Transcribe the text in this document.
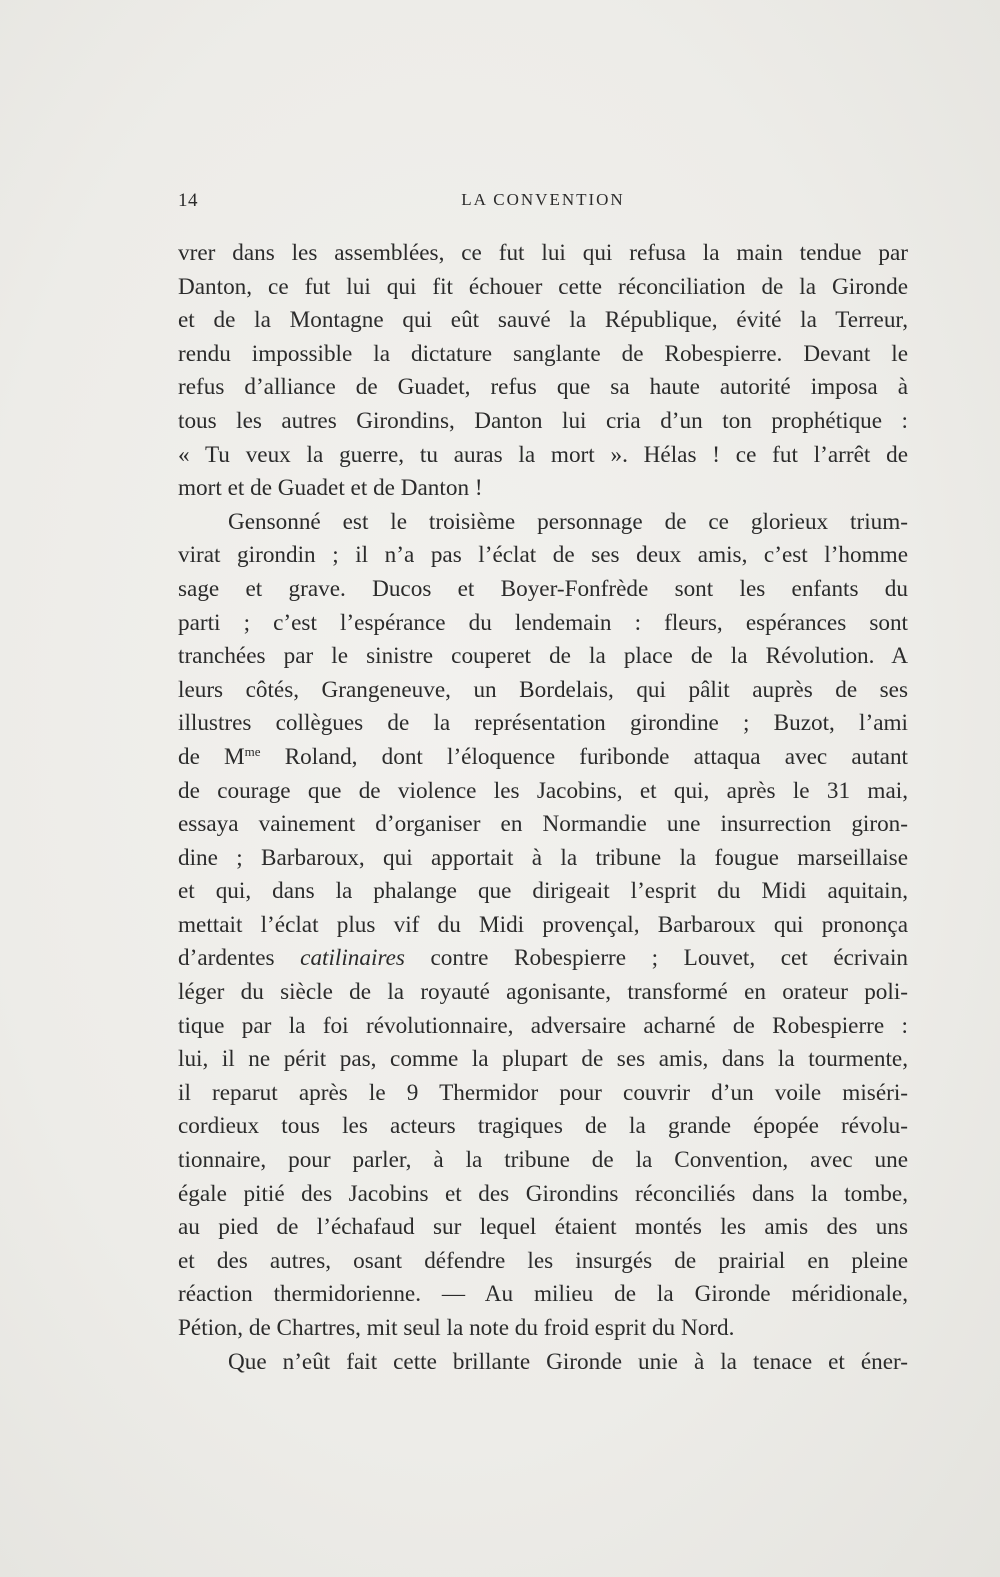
14	LA CONVENTION
vrer dans les assemblées, ce fut lui qui refusa la main tendue par
Danton, ce fut lui qui fit échouer cette réconciliation de la Gironde
et de la Montagne qui eût sauvé la République, évité la Terreur,
rendu impossible la dictature sanglante de Robespierre. Devant le
refus d’alliance de Guadet, refus que sa haute autorité imposa à
tous les autres Girondins, Danton lui cria d’un ton prophétique :
« Tu veux la guerre, tu auras la mort ». Hélas ! ce fut l’arrêt de
mort et de Guadet et de Danton !
Gensonné est le troisième personnage de ce glorieux trium-
virat girondin ; il n’a pas l’éclat de ses deux amis, c’est l’homme
sage et grave. Ducos et Boyer-Fonfrède sont les enfants du
parti ; c’est l’espérance du lendemain : fleurs, espérances sont
tranchées par le sinistre couperet de la place de la Révolution. A
leurs côtés, Grangeneuve, un Bordelais, qui pâlit auprès de ses
illustres collègues de la représentation girondine ; Buzot, l’ami
de $M^{me}$ Roland, dont l’éloquence furibonde attaqua avec autant
de courage que de violence les Jacobins, et qui, après le 31 mai,
essaya vainement d’organiser en Normandie une insurrection giron-
dine ; Barbaroux, qui apportait à la tribune la fougue marseillaise
et qui, dans la phalange que dirigeait l’esprit du Midi aquitain,
mettait l’éclat plus vif du Midi provençal, Barbaroux qui prononça
d’ardentes catilinaires contre Robespierre ; Louvet, cet écrivain
léger du siècle de la royauté agonisante, transformé en orateur poli-
tique par la foi révolutionnaire, adversaire acharné de Robespierre :
lui, il ne périt pas, comme la plupart de ses amis, dans la tourmente,
il reparut après le 9 Thermidor pour couvrir d’un voile miséri-
cordieux tous les acteurs tragiques de la grande épopée révolu-
tionnaire, pour parler, à la tribune de la Convention, avec une
égale pitié des Jacobins et des Girondins réconciliés dans la tombe,
au pied de l’échafaud sur lequel étaient montés les amis des uns
et des autres, osant défendre les insurgés de prairial en pleine
réaction thermidorienne. — Au milieu de la Gironde méridionale,
Pétion, de Chartres, mit seul la note du froid esprit du Nord.
Que n’eût fait cette brillante Gironde unie à la tenace et éner-
